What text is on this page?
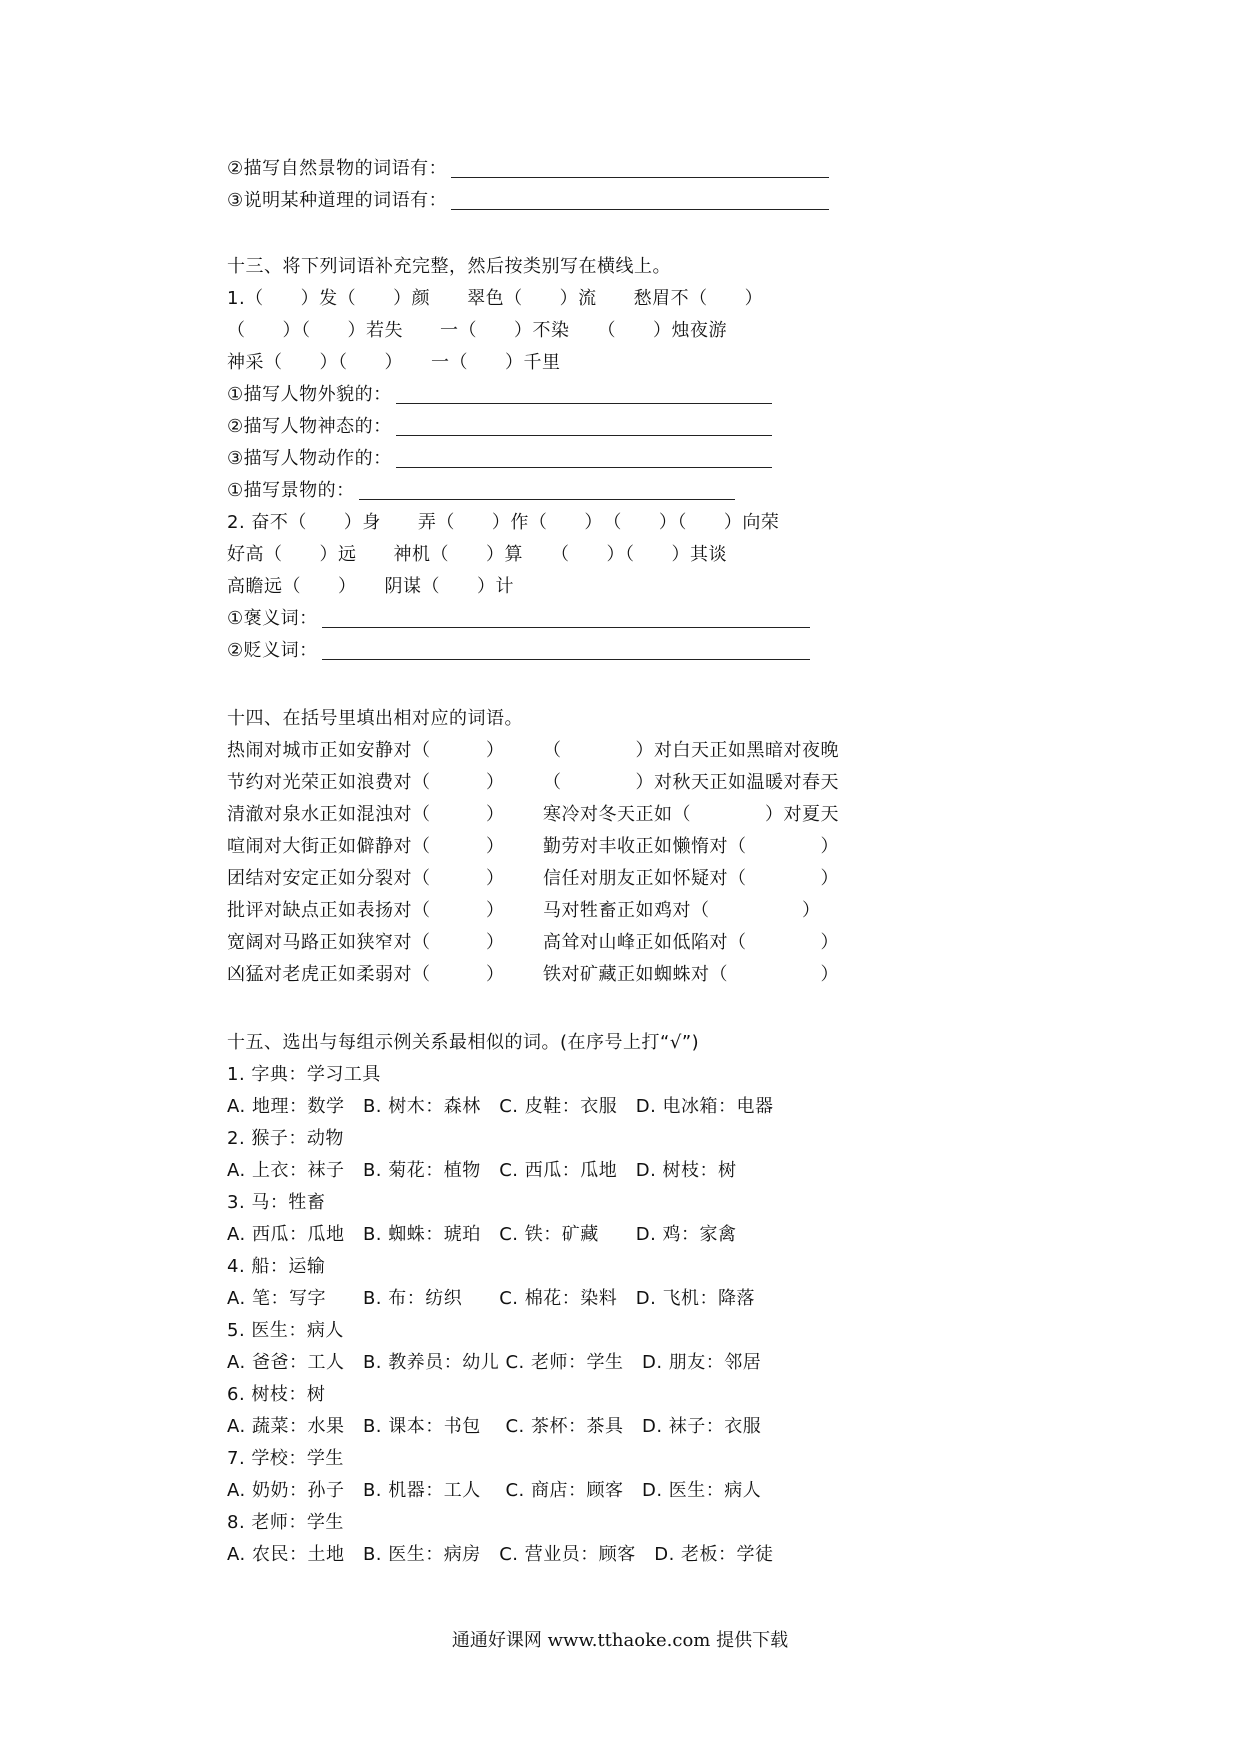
②描写自然景物的词语有：
③说明某种道理的词语有：
十三、将下列词语补充完整，然后按类别写在横线上。
1.（　　）发（　　）颜　　翠色（　　）流　　愁眉不（　　）
（　　）（　　）若失　　一（　　）不染　　（　　）烛夜游
神采（　　）（　　）　　一（　　）千里
①描写人物外貌的：
②描写人物神态的：
③描写人物动作的：
①描写景物的：
2. 奋不（　　）身　　弄（　　）作（　　）　（　　）（　　）向荣
好高（　　）远　　神机（　　）算　　（　　）（　　）其谈
高瞻远（　　）　　阴谋（　　）计
①褒义词：
②贬义词：
十四、在括号里填出相对应的词语。
热闹对城市正如安静对（　　　） （　　　　）对白天正如黑暗对夜晚
节约对光荣正如浪费对（　　　） （　　　　）对秋天正如温暖对春天
清澈对泉水正如混浊对（　　　） 寒冷对冬天正如（　　　　）对夏天
喧闹对大街正如僻静对（　　　） 勤劳对丰收正如懒惰对（　　　　）
团结对安定正如分裂对（　　　） 信任对朋友正如怀疑对（　　　　）
批评对缺点正如表扬对（　　　） 马对牲畜正如鸡对（　　　　　）
宽阔对马路正如狭窄对（　　　） 高耸对山峰正如低陷对（　　　　）
凶猛对老虎正如柔弱对（　　　） 铁对矿藏正如蜘蛛对（　　　　　）
十五、选出与每组示例关系最相似的词。(在序号上打“√”)
1. 字典：学习工具
A. 地理：数学　B. 树木：森林　C. 皮鞋：衣服　D. 电冰箱：电器
2. 猴子：动物
A. 上衣：袜子　B. 菊花：植物　C. 西瓜：瓜地　D. 树枝：树
3. 马：牲畜
A. 西瓜：瓜地　B. 蜘蛛：琥珀　C. 铁：矿藏　　D. 鸡：家禽
4. 船：运输
A. 笔：写字　　B. 布：纺织　　C. 棉花：染料　D. 飞机：降落
5. 医生：病人
A. 爸爸：工人　B. 教养员：幼儿 C. 老师：学生　D. 朋友：邻居
6. 树枝：树
A. 蔬菜：水果　B. 课本：书包　 C. 茶杯：茶具　D. 袜子：衣服
7. 学校：学生
A. 奶奶：孙子　B. 机器：工人　 C. 商店：顾客　D. 医生：病人
8. 老师：学生
A. 农民：土地　B. 医生：病房　C. 营业员：顾客　D. 老板：学徒
通通好课网 www.tthaoke.com 提供下载
